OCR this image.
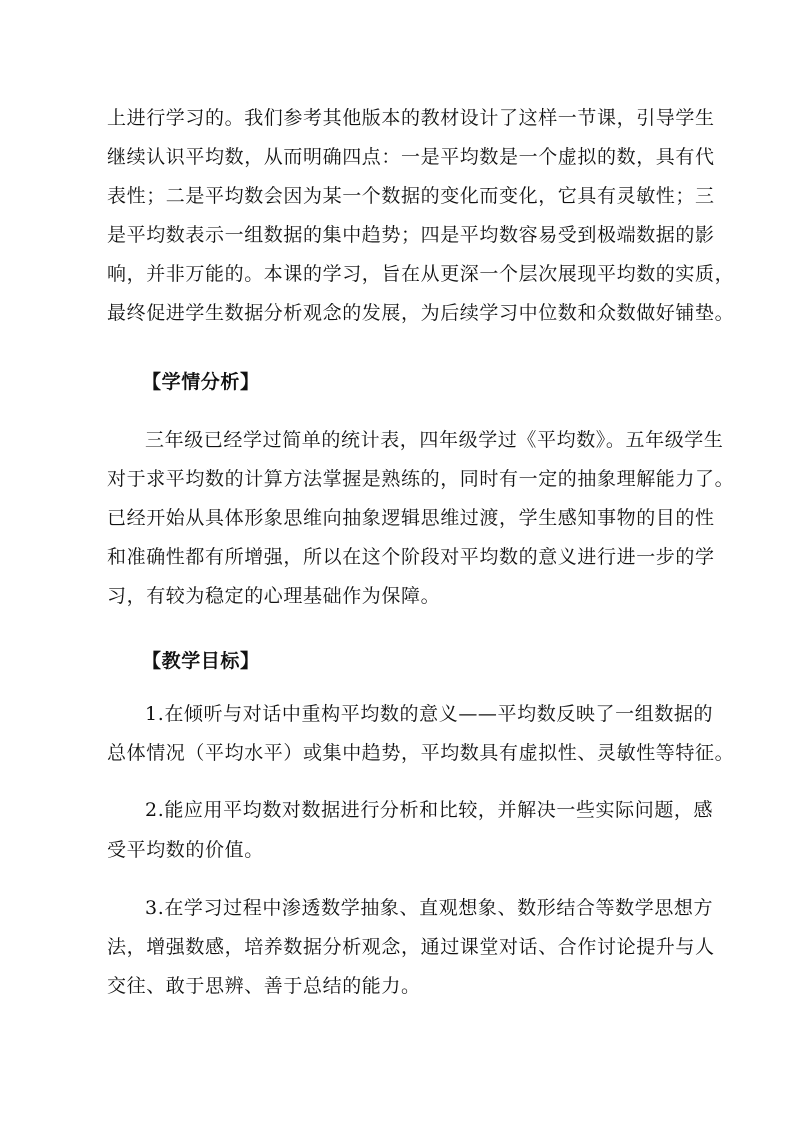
上进行学习的。我们参考其他版本的教材设计了这样一节课，引导学生
继续认识平均数，从而明确四点：一是平均数是一个虚拟的数，具有代
表性；二是平均数会因为某一个数据的变化而变化，它具有灵敏性；三
是平均数表示一组数据的集中趋势；四是平均数容易受到极端数据的影
响，并非万能的。本课的学习，旨在从更深一个层次展现平均数的实质，
最终促进学生数据分析观念的发展，为后续学习中位数和众数做好铺垫。
【学情分析】
三年级已经学过简单的统计表，四年级学过《平均数》。五年级学生
对于求平均数的计算方法掌握是熟练的，同时有一定的抽象理解能力了。
已经开始从具体形象思维向抽象逻辑思维过渡，学生感知事物的目的性
和准确性都有所增强，所以在这个阶段对平均数的意义进行进一步的学
习，有较为稳定的心理基础作为保障。
【教学目标】
1.在倾听与对话中重构平均数的意义——平均数反映了一组数据的
总体情况（平均水平）或集中趋势，平均数具有虚拟性、灵敏性等特征。
2.能应用平均数对数据进行分析和比较，并解决一些实际问题，感
受平均数的价值。
3.在学习过程中渗透数学抽象、直观想象、数形结合等数学思想方
法，增强数感，培养数据分析观念，通过课堂对话、合作讨论提升与人
交往、敢于思辨、善于总结的能力。
